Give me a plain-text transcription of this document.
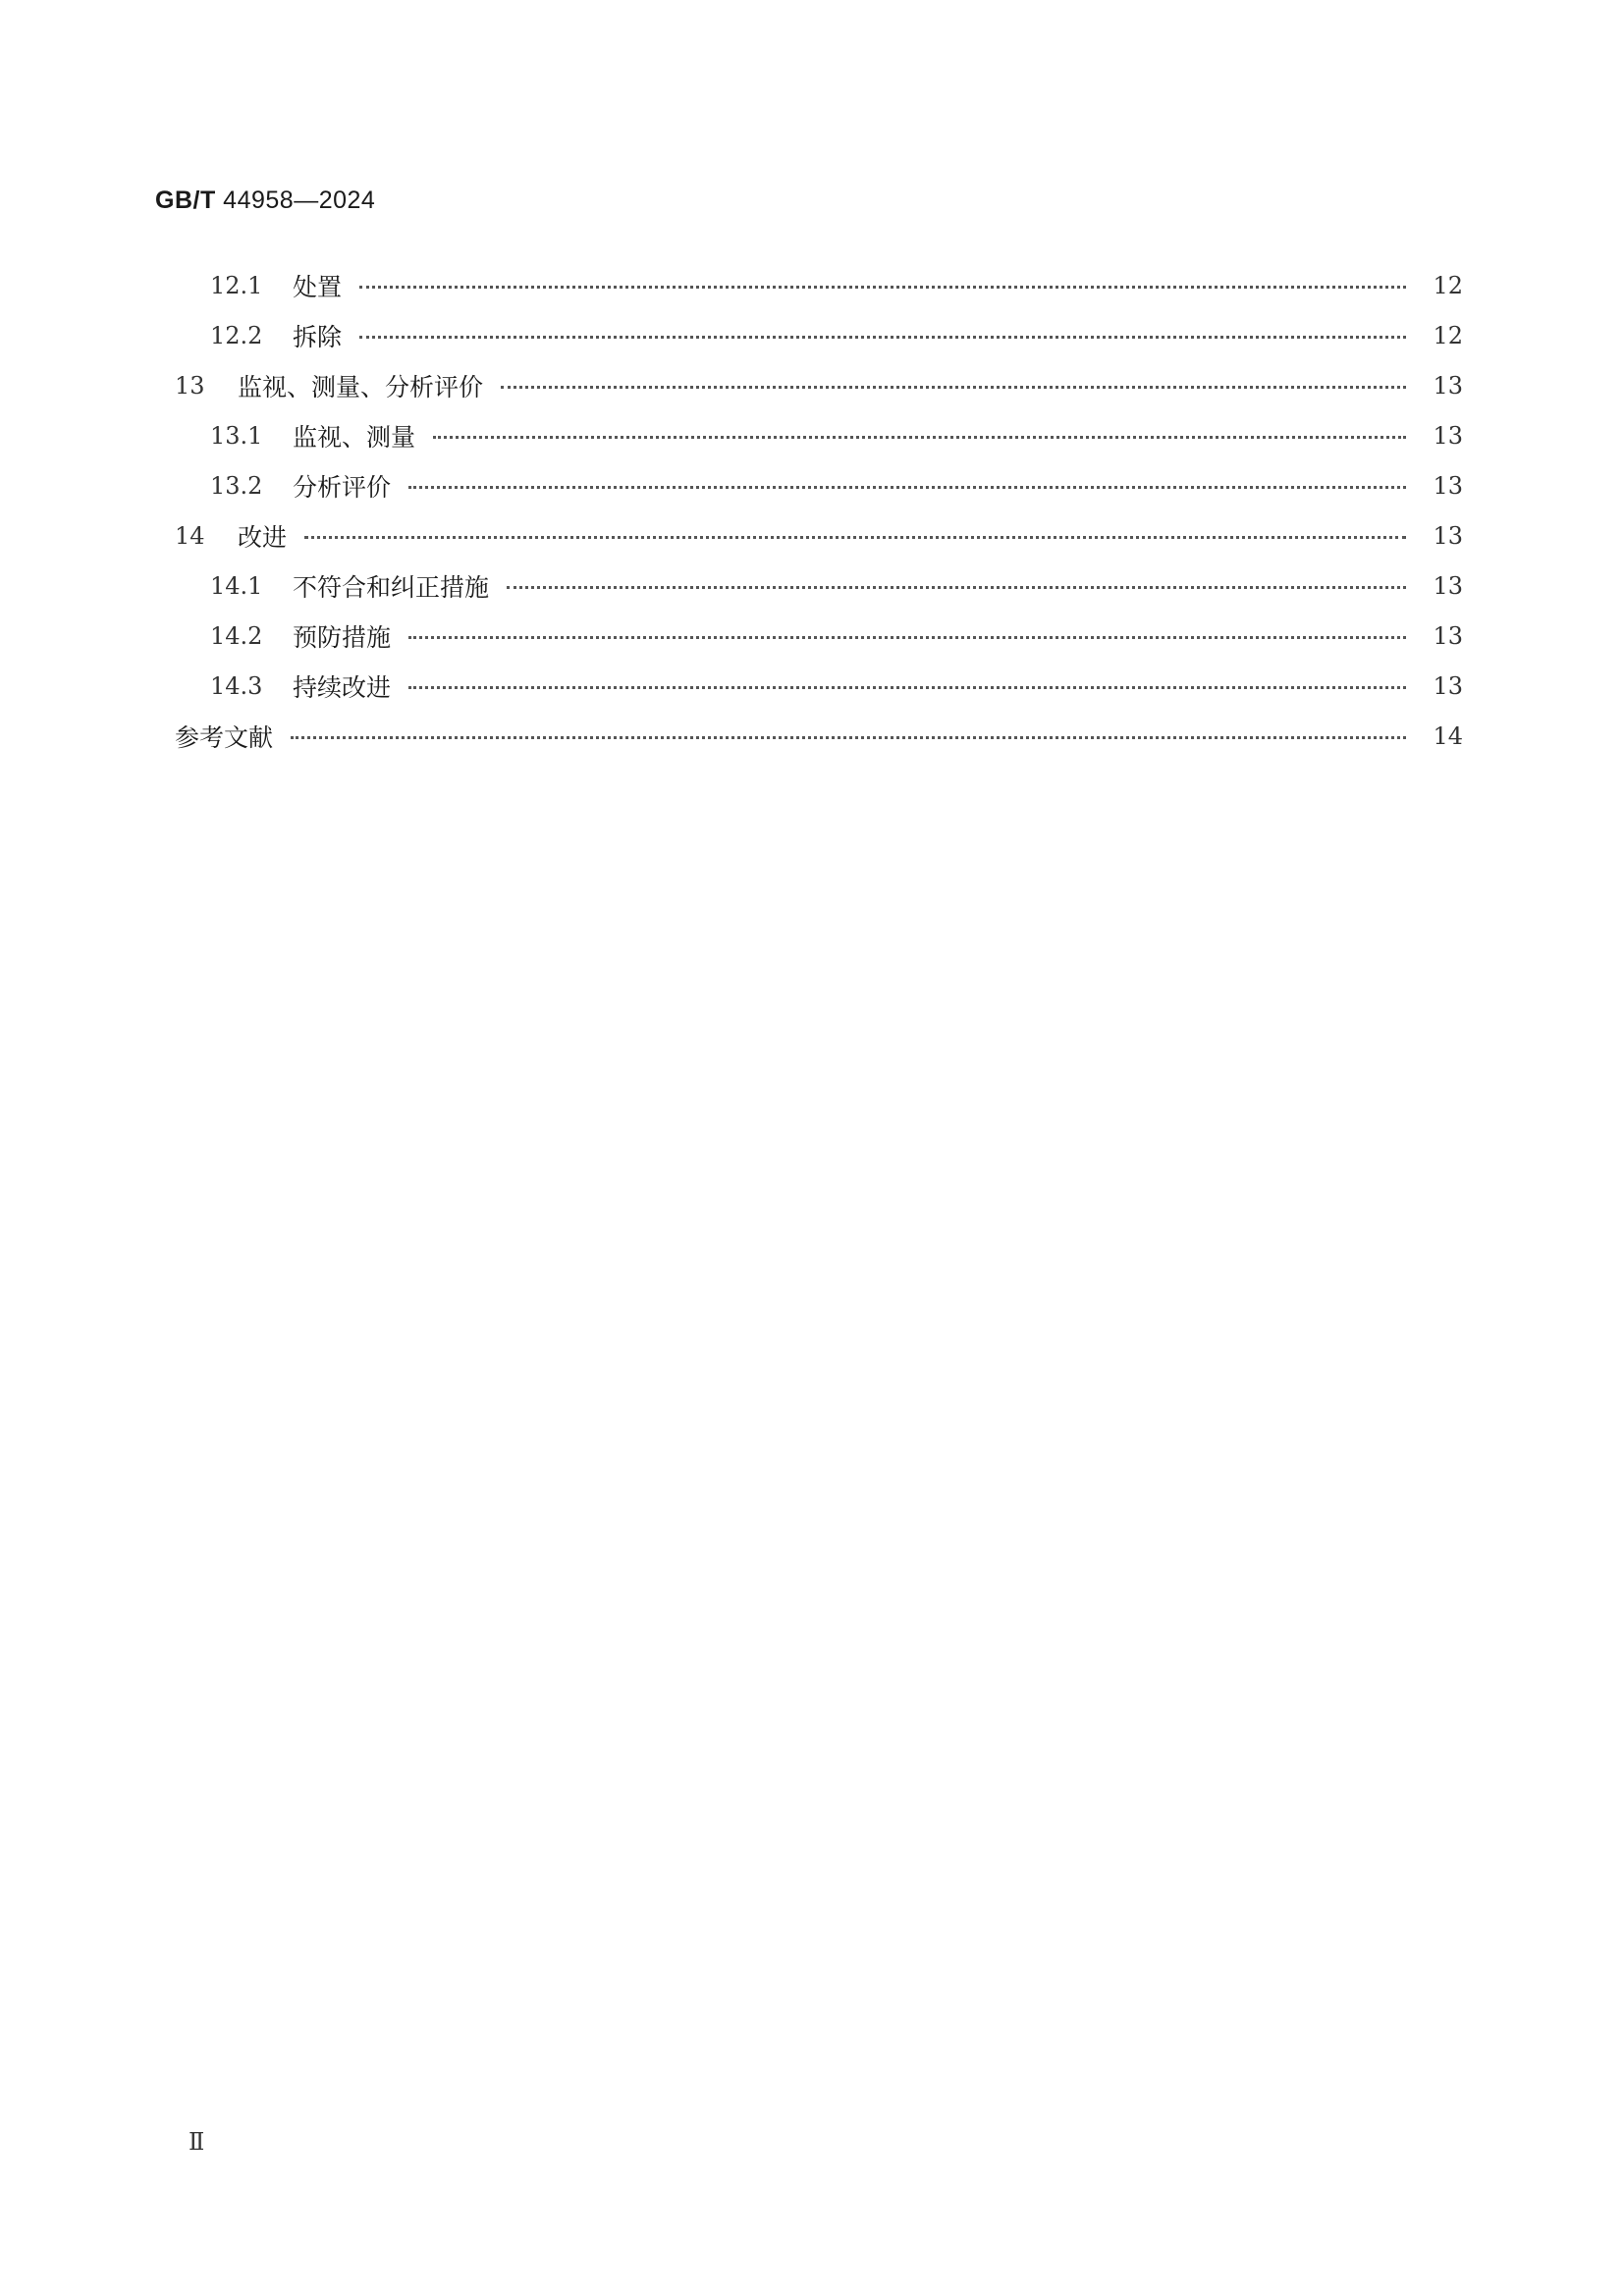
GB/T 44958—2024
12.1	处置	12
12.2	拆除	12
13	监视、测量、分析评价	13
13.1	监视、测量	13
13.2	分析评价	13
14	改进	13
14.1	不符合和纠正措施	13
14.2	预防措施	13
14.3	持续改进	13
参考文献	14
Ⅱ
